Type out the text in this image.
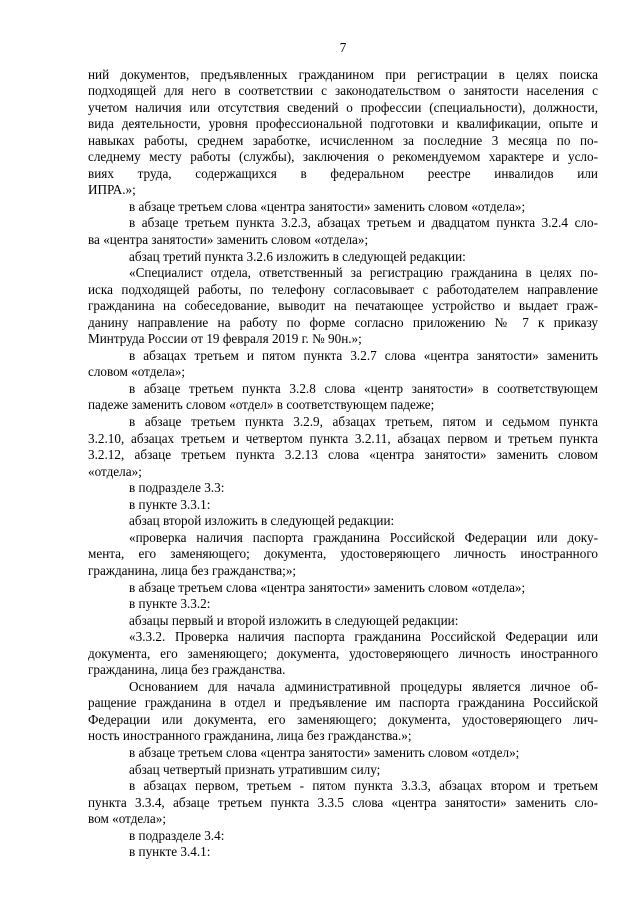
7
ний документов, предъявленных гражданином при регистрации в целях поиска
подходящей для него в соответствии с законодательством о занятости населения с
учетом наличия или отсутствия сведений о профессии (специальности), должности,
вида деятельности, уровня профессиональной подготовки и квалификации, опыте и
навыках работы, среднем заработке, исчисленном за последние 3 месяца по по-
следнему месту работы (службы), заключения о рекомендуемом характере и усло-
виях труда, содержащихся в федеральном реестре инвалидов или
ИПРА.»;
в абзаце третьем слова «центра занятости» заменить словом «отдела»;
в абзаце третьем пункта 3.2.3, абзацах третьем и двадцатом пункта 3.2.4 сло-
ва «центра занятости» заменить словом «отдела»;
абзац третий пункта 3.2.6 изложить в следующей редакции:
«Специалист отдела, ответственный за регистрацию гражданина в целях по-
иска подходящей работы, по телефону согласовывает с работодателем направление
гражданина на собеседование, выводит на печатающее устройство и выдает граж-
данину направление на работу по форме согласно приложению № 7 к приказу
Минтруда России от 19 февраля 2019 г. № 90н.»;
в абзацах третьем и пятом пункта 3.2.7 слова «центра занятости» заменить
словом «отдела»;
в абзаце третьем пункта 3.2.8 слова «центр занятости» в соответствующем
падеже заменить словом «отдел» в соответствующем падеже;
в абзаце третьем пункта 3.2.9, абзацах третьем, пятом и седьмом пункта
3.2.10, абзацах третьем и четвертом пункта 3.2.11, абзацах первом и третьем пункта
3.2.12, абзаце третьем пункта 3.2.13 слова «центра занятости» заменить словом
«отдела»;
в подразделе 3.3:
в пункте 3.3.1:
абзац второй изложить в следующей редакции:
«проверка наличия паспорта гражданина Российской Федерации или доку-
мента, его заменяющего; документа, удостоверяющего личность иностранного
гражданина, лица без гражданства;»;
в абзаце третьем слова «центра занятости» заменить словом «отдела»;
в пункте 3.3.2:
абзацы первый и второй изложить в следующей редакции:
«3.3.2. Проверка наличия паспорта гражданина Российской Федерации или
документа, его заменяющего; документа, удостоверяющего личность иностранного
гражданина, лица без гражданства.
Основанием для начала административной процедуры является личное об-
ращение гражданина в отдел и предъявление им паспорта гражданина Российской
Федерации или документа, его заменяющего; документа, удостоверяющего лич-
ность иностранного гражданина, лица без гражданства.»;
в абзаце третьем слова «центра занятости» заменить словом «отдел»;
абзац четвертый признать утратившим силу;
в абзацах первом, третьем - пятом пункта 3.3.3, абзацах втором и третьем
пункта 3.3.4, абзаце третьем пункта 3.3.5 слова «центра занятости» заменить сло-
вом «отдела»;
в подразделе 3.4:
в пункте 3.4.1:
